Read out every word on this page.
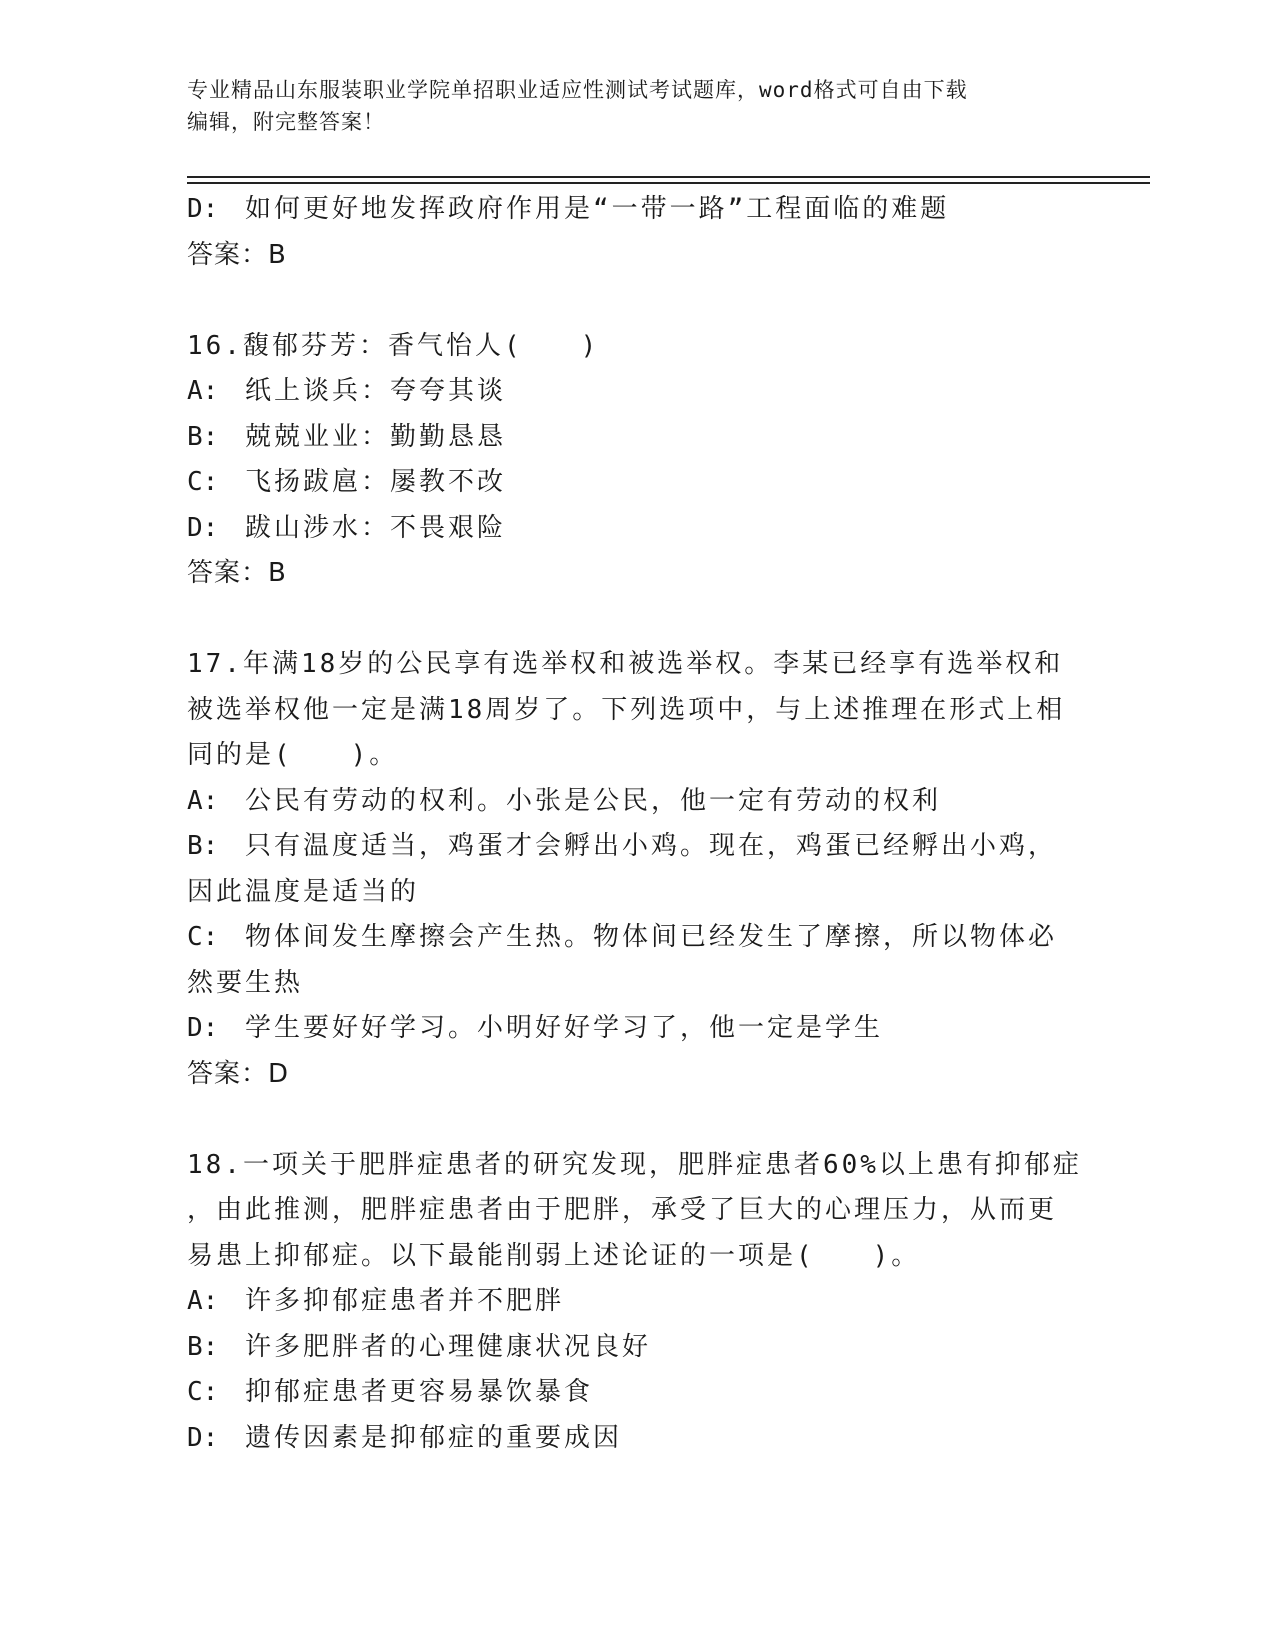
专业精品山东服装职业学院单招职业适应性测试考试题库，word格式可自由下载
编辑，附完整答案！
D: 如何更好地发挥政府作用是“一带一路”工程面临的难题
答案：B
16.馥郁芬芳：香气怡人(　　)
A: 纸上谈兵：夸夸其谈
B: 兢兢业业：勤勤恳恳
C: 飞扬跋扈：屡教不改
D: 跋山涉水：不畏艰险
答案：B
17.年满18岁的公民享有选举权和被选举权。李某已经享有选举权和
被选举权他一定是满18周岁了。下列选项中，与上述推理在形式上相
同的是(　　)。
A: 公民有劳动的权利。小张是公民，他一定有劳动的权利
B: 只有温度适当，鸡蛋才会孵出小鸡。现在，鸡蛋已经孵出小鸡，
因此温度是适当的
C: 物体间发生摩擦会产生热。物体间已经发生了摩擦，所以物体必
然要生热
D: 学生要好好学习。小明好好学习了，他一定是学生
答案：D
18.一项关于肥胖症患者的研究发现，肥胖症患者60%以上患有抑郁症
，由此推测，肥胖症患者由于肥胖，承受了巨大的心理压力，从而更
易患上抑郁症。以下最能削弱上述论证的一项是(　　)。
A: 许多抑郁症患者并不肥胖
B: 许多肥胖者的心理健康状况良好
C: 抑郁症患者更容易暴饮暴食
D: 遗传因素是抑郁症的重要成因
